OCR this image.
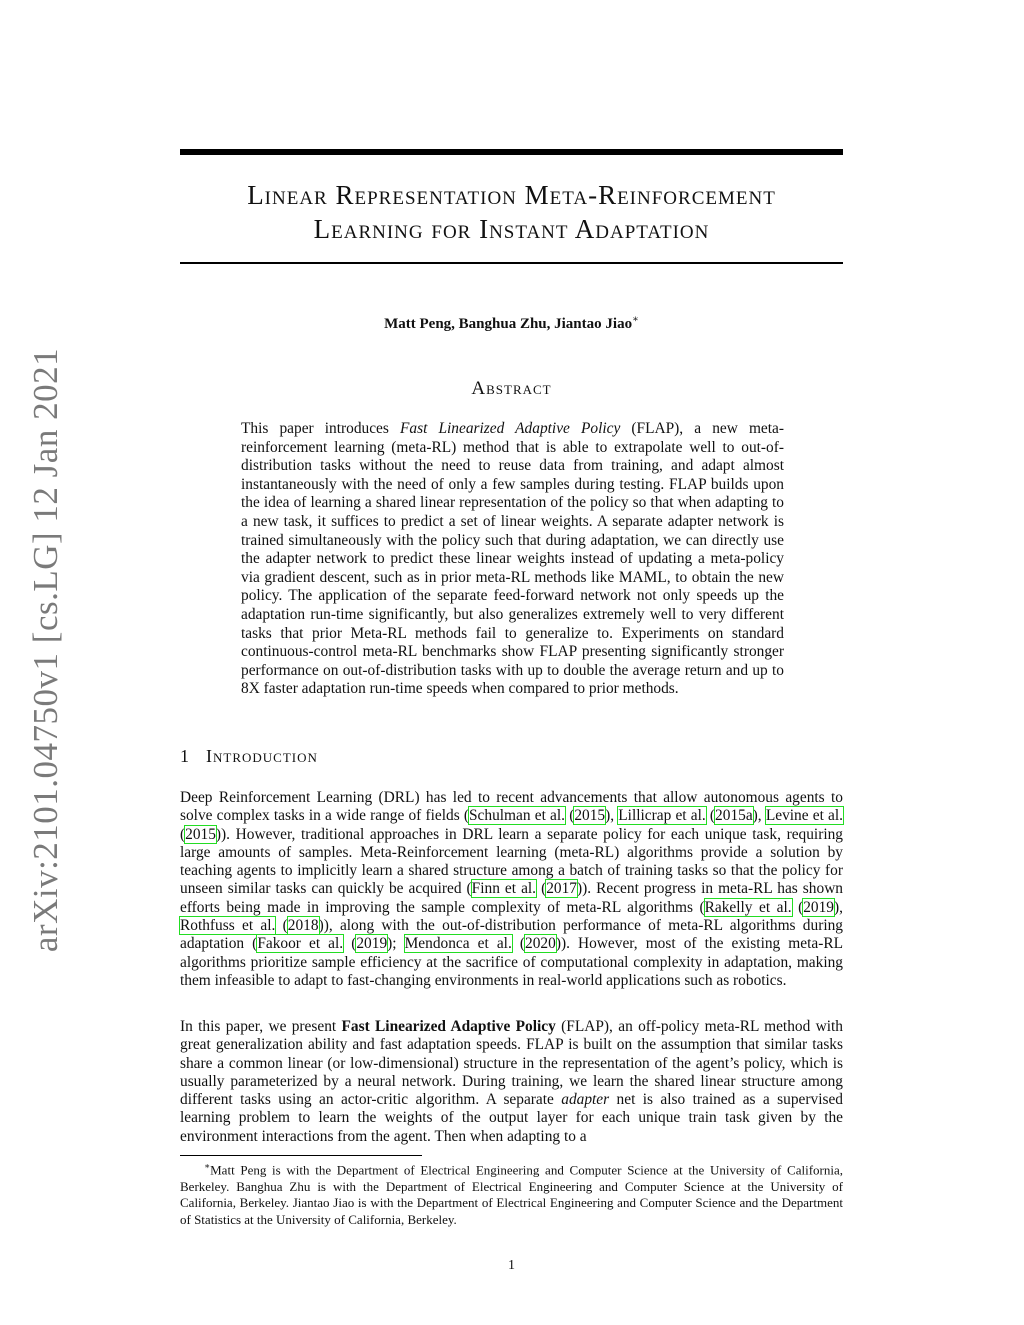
arXiv:2101.04750v1 [cs.LG] 12 Jan 2021
Linear Representation Meta-Reinforcement
Learning for Instant Adaptation
Matt Peng, Banghua Zhu, Jiantao Jiao∗
Abstract

This paper introduces Fast Linearized Adaptive Policy (FLAP), a new meta-reinforcement learning (meta-RL) method that is able to extrapolate well to out-of-distribution tasks without the need to reuse data from training, and adapt almost instantaneously with the need of only a few samples during testing. FLAP builds upon the idea of learning a shared linear representation of the policy so that when adapting to a new task, it suffices to predict a set of linear weights. A separate adapter network is trained simultaneously with the policy such that during adaptation, we can directly use the adapter network to predict these linear weights instead of updating a meta-policy via gradient descent, such as in prior meta-RL methods like MAML, to obtain the new policy. The application of the separate feed-forward network not only speeds up the adaptation run-time significantly, but also generalizes extremely well to very different tasks that prior Meta-RL methods fail to generalize to. Experiments on standard continuous-control meta-RL benchmarks show FLAP presenting significantly stronger performance on out-of-distribution tasks with up to double the average return and up to 8X faster adaptation run-time speeds when compared to prior methods.

1 Introduction

Deep Reinforcement Learning (DRL) has led to recent advancements that allow autonomous agents to solve complex tasks in a wide range of fields (Schulman et al. (2015), Lillicrap et al. (2015a), Levine et al. (2015)). However, traditional approaches in DRL learn a separate policy for each unique task, requiring large amounts of samples. Meta-Reinforcement learning (meta-RL) algorithms provide a solution by teaching agents to implicitly learn a shared structure among a batch of training tasks so that the policy for unseen similar tasks can quickly be acquired (Finn et al. (2017)). Recent progress in meta-RL has shown efforts being made in improving the sample complexity of meta-RL algorithms (Rakelly et al. (2019), Rothfuss et al. (2018)), along with the out-of-distribution performance of meta-RL algorithms during adaptation (Fakoor et al. (2019); Mendonca et al. (2020)). However, most of the existing meta-RL algorithms prioritize sample efficiency at the sacrifice of computational complexity in adaptation, making them infeasible to adapt to fast-changing environments in real-world applications such as robotics.

In this paper, we present Fast Linearized Adaptive Policy (FLAP), an off-policy meta-RL method with great generalization ability and fast adaptation speeds. FLAP is built on the assumption that similar tasks share a common linear (or low-dimensional) structure in the representation of the agent’s policy, which is usually parameterized by a neural network. During training, we learn the shared linear structure among different tasks using an actor-critic algorithm. A separate adapter net is also trained as a supervised learning problem to learn the weights of the output layer for each unique train task given by the environment interactions from the agent. Then when adapting to a

∗Matt Peng is with the Department of Electrical Engineering and Computer Science at the University of California, Berkeley. Banghua Zhu is with the Department of Electrical Engineering and Computer Science at the University of California, Berkeley. Jiantao Jiao is with the Department of Electrical Engineering and Computer Science and the Department of Statistics at the University of California, Berkeley.

1
